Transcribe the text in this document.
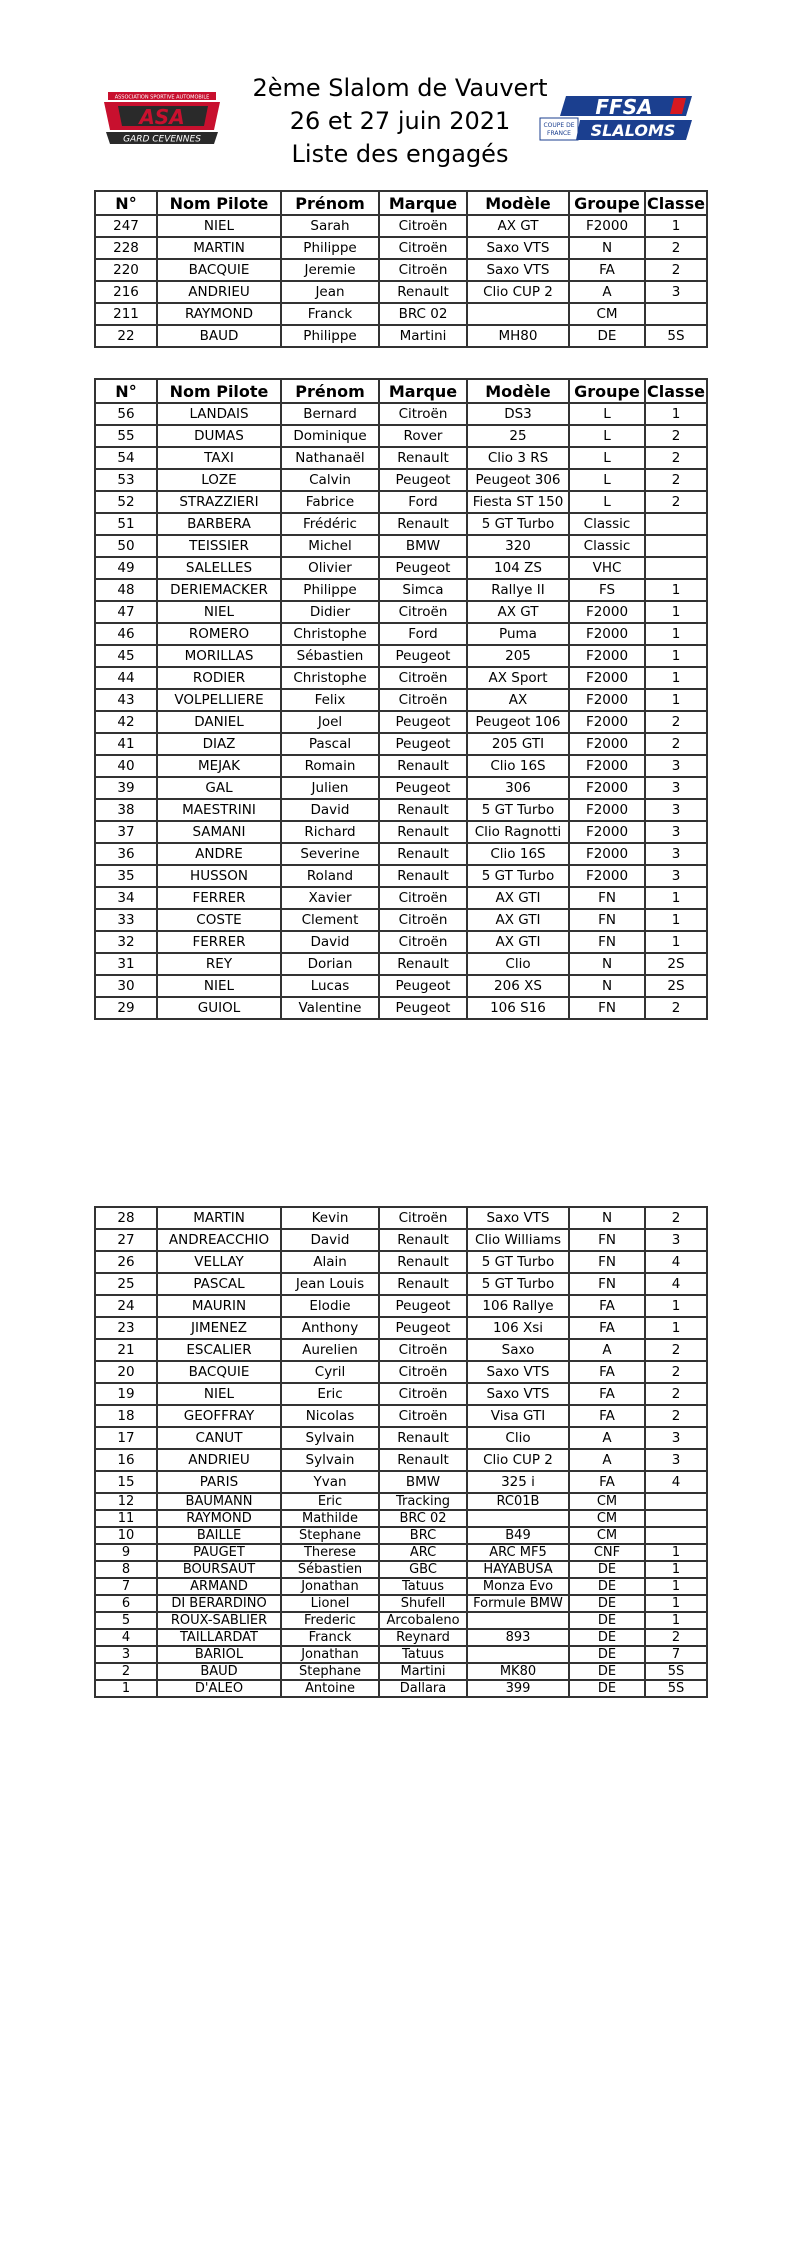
2ème Slalom de Vauvert
26 et 27 juin 2021
Liste des engagés
ASSOCIATION SPORTIVE AUTOMOBILE
ASA
GARD CEVENNES
FFSA
COUPE DE
FRANCE SLALOMS
N°	Nom Pilote	Prénom	Marque	Modèle	Groupe	Classe
247	NIEL	Sarah	Citroën	AX GT	F2000	1
228	MARTIN	Philippe	Citroën	Saxo VTS	N	2
220	BACQUIE	Jeremie	Citroën	Saxo VTS	FA	2
216	ANDRIEU	Jean	Renault	Clio CUP 2	A	3
211	RAYMOND	Franck	BRC 02		CM	
22	BAUD	Philippe	Martini	MH80	DE	5S
N°	Nom Pilote	Prénom	Marque	Modèle	Groupe	Classe
56	LANDAIS	Bernard	Citroën	DS3	L	1
55	DUMAS	Dominique	Rover	25	L	2
54	TAXI	Nathanaël	Renault	Clio 3 RS	L	2
53	LOZE	Calvin	Peugeot	Peugeot 306	L	2
52	STRAZZIERI	Fabrice	Ford	Fiesta ST 150	L	2
51	BARBERA	Frédéric	Renault	5 GT Turbo	Classic	
50	TEISSIER	Michel	BMW	320	Classic	
49	SALELLES	Olivier	Peugeot	104 ZS	VHC	
48	DERIEMACKER	Philippe	Simca	Rallye II	FS	1
47	NIEL	Didier	Citroën	AX GT	F2000	1
46	ROMERO	Christophe	Ford	Puma	F2000	1
45	MORILLAS	Sébastien	Peugeot	205	F2000	1
44	RODIER	Christophe	Citroën	AX Sport	F2000	1
43	VOLPELLIERE	Felix	Citroën	AX	F2000	1
42	DANIEL	Joel	Peugeot	Peugeot 106	F2000	2
41	DIAZ	Pascal	Peugeot	205 GTI	F2000	2
40	MEJAK	Romain	Renault	Clio 16S	F2000	3
39	GAL	Julien	Peugeot	306	F2000	3
38	MAESTRINI	David	Renault	5 GT Turbo	F2000	3
37	SAMANI	Richard	Renault	Clio Ragnotti	F2000	3
36	ANDRE	Severine	Renault	Clio 16S	F2000	3
35	HUSSON	Roland	Renault	5 GT Turbo	F2000	3
34	FERRER	Xavier	Citroën	AX GTI	FN	1
33	COSTE	Clement	Citroën	AX GTI	FN	1
32	FERRER	David	Citroën	AX GTI	FN	1
31	REY	Dorian	Renault	Clio	N	2S
30	NIEL	Lucas	Peugeot	206 XS	N	2S
29	GUIOL	Valentine	Peugeot	106 S16	FN	2
28	MARTIN	Kevin	Citroën	Saxo VTS	N	2
27	ANDREACCHIO	David	Renault	Clio Williams	FN	3
26	VELLAY	Alain	Renault	5 GT Turbo	FN	4
25	PASCAL	Jean Louis	Renault	5 GT Turbo	FN	4
24	MAURIN	Elodie	Peugeot	106 Rallye	FA	1
23	JIMENEZ	Anthony	Peugeot	106 Xsi	FA	1
21	ESCALIER	Aurelien	Citroën	Saxo	A	2
20	BACQUIE	Cyril	Citroën	Saxo VTS	FA	2
19	NIEL	Eric	Citroën	Saxo VTS	FA	2
18	GEOFFRAY	Nicolas	Citroën	Visa GTI	FA	2
17	CANUT	Sylvain	Renault	Clio	A	3
16	ANDRIEU	Sylvain	Renault	Clio CUP 2	A	3
15	PARIS	Yvan	BMW	325 i	FA	4
12	BAUMANN	Eric	Tracking	RC01B	CM	
11	RAYMOND	Mathilde	BRC 02		CM	
10	BAILLE	Stephane	BRC	B49	CM	
9	PAUGET	Therese	ARC	ARC MF5	CNF	1
8	BOURSAUT	Sébastien	GBC	HAYABUSA	DE	1
7	ARMAND	Jonathan	Tatuus	Monza Evo	DE	1
6	DI BERARDINO	Lionel	Shufell	Formule BMW	DE	1
5	ROUX-SABLIER	Frederic	Arcobaleno		DE	1
4	TAILLARDAT	Franck	Reynard	893	DE	2
3	BARIOL	Jonathan	Tatuus		DE	7
2	BAUD	Stephane	Martini	MK80	DE	5S
1	D'ALEO	Antoine	Dallara	399	DE	5S
